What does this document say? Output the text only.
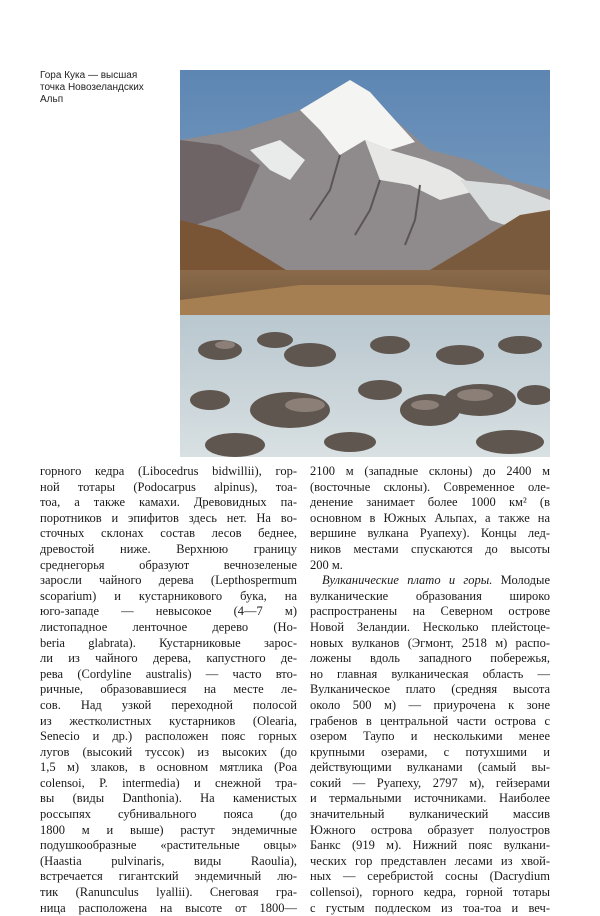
Гора Кука — высшая
точка Новозеландских
Альп
горного кедра (Libocedrus bidwillii), гор-
ной тотары (Podocarpus alpinus), тоа-
тоа, а также камахи. Древовидных па-
поротников и эпифитов здесь нет. На во-
сточных склонах состав лесов беднее,
древостой ниже. Верхнюю границу
среднегорья образуют вечнозеленые
заросли чайного дерева (Lepthospermum
scoparium) и кустарникового бука, на
юго-западе — невысокое (4—7 м)
листопадное ленточное дерево (Ho-
beria glabrata). Кустарниковые зарос-
ли из чайного дерева, капустного де-
рева (Cordyline australis) — часто вто-
ричные, образовавшиеся на месте ле-
сов. Над узкой переходной полосой
из жестколистных кустарников (Olearia,
Senecio и др.) расположен пояс горных
лугов (высокий туссок) из высоких (до
1,5 м) злаков, в основном мятлика (Poa
colensoi, P. intermedia) и снежной тра-
вы (виды Danthonia). На каменистых
россыпях субнивального пояса (до
1800 м и выше) растут эндемичные
подушкообразные «растительные овцы»
(Haastia pulvinaris, виды Raoulia),
встречается гигантский эндемичный лю-
тик (Ranunculus lyallii). Снеговая гра-
ница расположена на высоте от 1800—
2100 м (западные склоны) до 2400 м
(восточные склоны). Современное оле-
денение занимает более 1000 км² (в
основном в Южных Альпах, а также на
вершине вулкана Руапеху). Концы лед-
ников местами спускаются до высоты
200 м.
Вулканические плато и горы. Молодые
вулканические образования широко
распространены на Северном острове
Новой Зеландии. Несколько плейстоце-
новых вулканов (Эгмонт, 2518 м) распо-
ложены вдоль западного побережья,
но главная вулканическая область —
Вулканическое плато (средняя высота
около 500 м) — приурочена к зоне
грабенов в центральной части острова с
озером Таупо и несколькими менее
крупными озерами, с потухшими и
действующими вулканами (самый вы-
сокий — Руапеху, 2797 м), гейзерами
и термальными источниками. Наиболее
значительный вулканический массив
Южного острова образует полуостров
Банкс (919 м). Нижний пояс вулкани-
ческих гор представлен лесами из хвой-
ных — серебристой сосны (Dacrydium
collensoi), горного кедра, горной тотары
с густым подлеском из тоа-тоа и веч-
